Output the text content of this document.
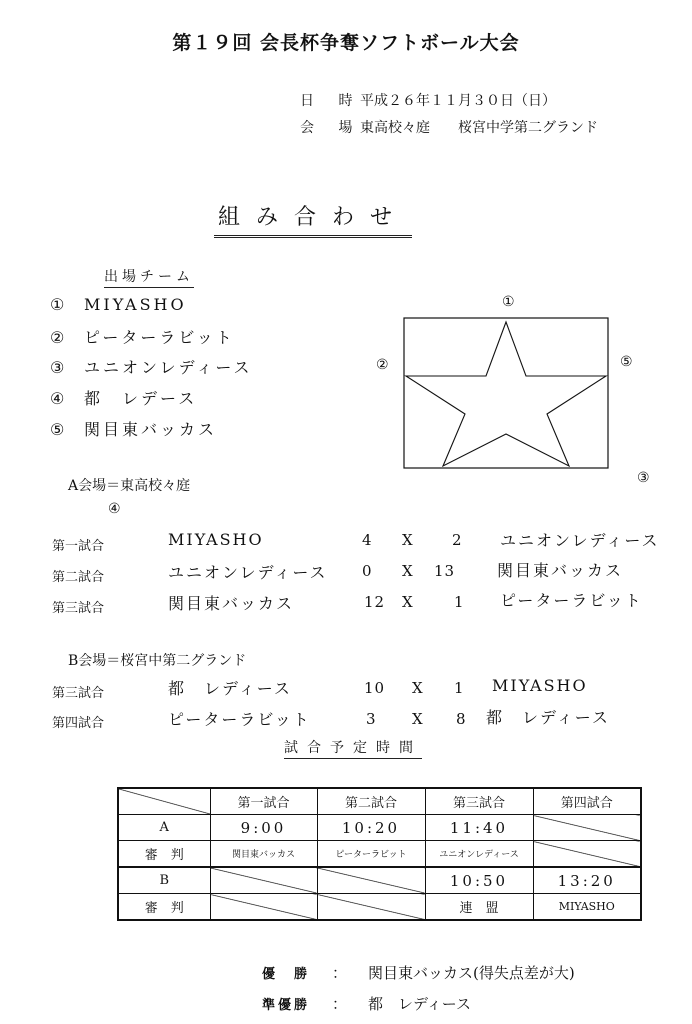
第１９回 会長杯争奪ソフトボール大会
日 時平成２６年１１月３０日（日）
会 場東高校々庭　　桜宮中学第二グランド
組み合わせ
出場チーム
① MIYASHO
② ピーターラビット
③ ユニオンレディース
④ 都　レデース
⑤ 関目東バッカス
①
②	⑤
③
④
A会場＝東高校々庭
第一試合	MIYASHO	4 X	2 ユニオンレディース
第二試合	ユニオンレディース 0 X 13	関目東バッカス
第三試合	関目東バッカス	12 X	1 ピーターラビット
B会場＝桜宮中第二グランド
第三試合	都　レディース	10 X 1 MIYASHO
第四試合	ピーターラビット	3 X 8 都　レディース
試合予定時間
	第一試合	第二試合	第三試合	第四試合
A	9:00	10:20	11:40	
審　判	関目東バッカス	ピーターラビット	ユニオンレディース	
B			10:50	13:20
審　判			連　盟	MIYASHO
優　勝 ： 関目東バッカス(得失点差が大)
準優勝 ： 都　レディース
